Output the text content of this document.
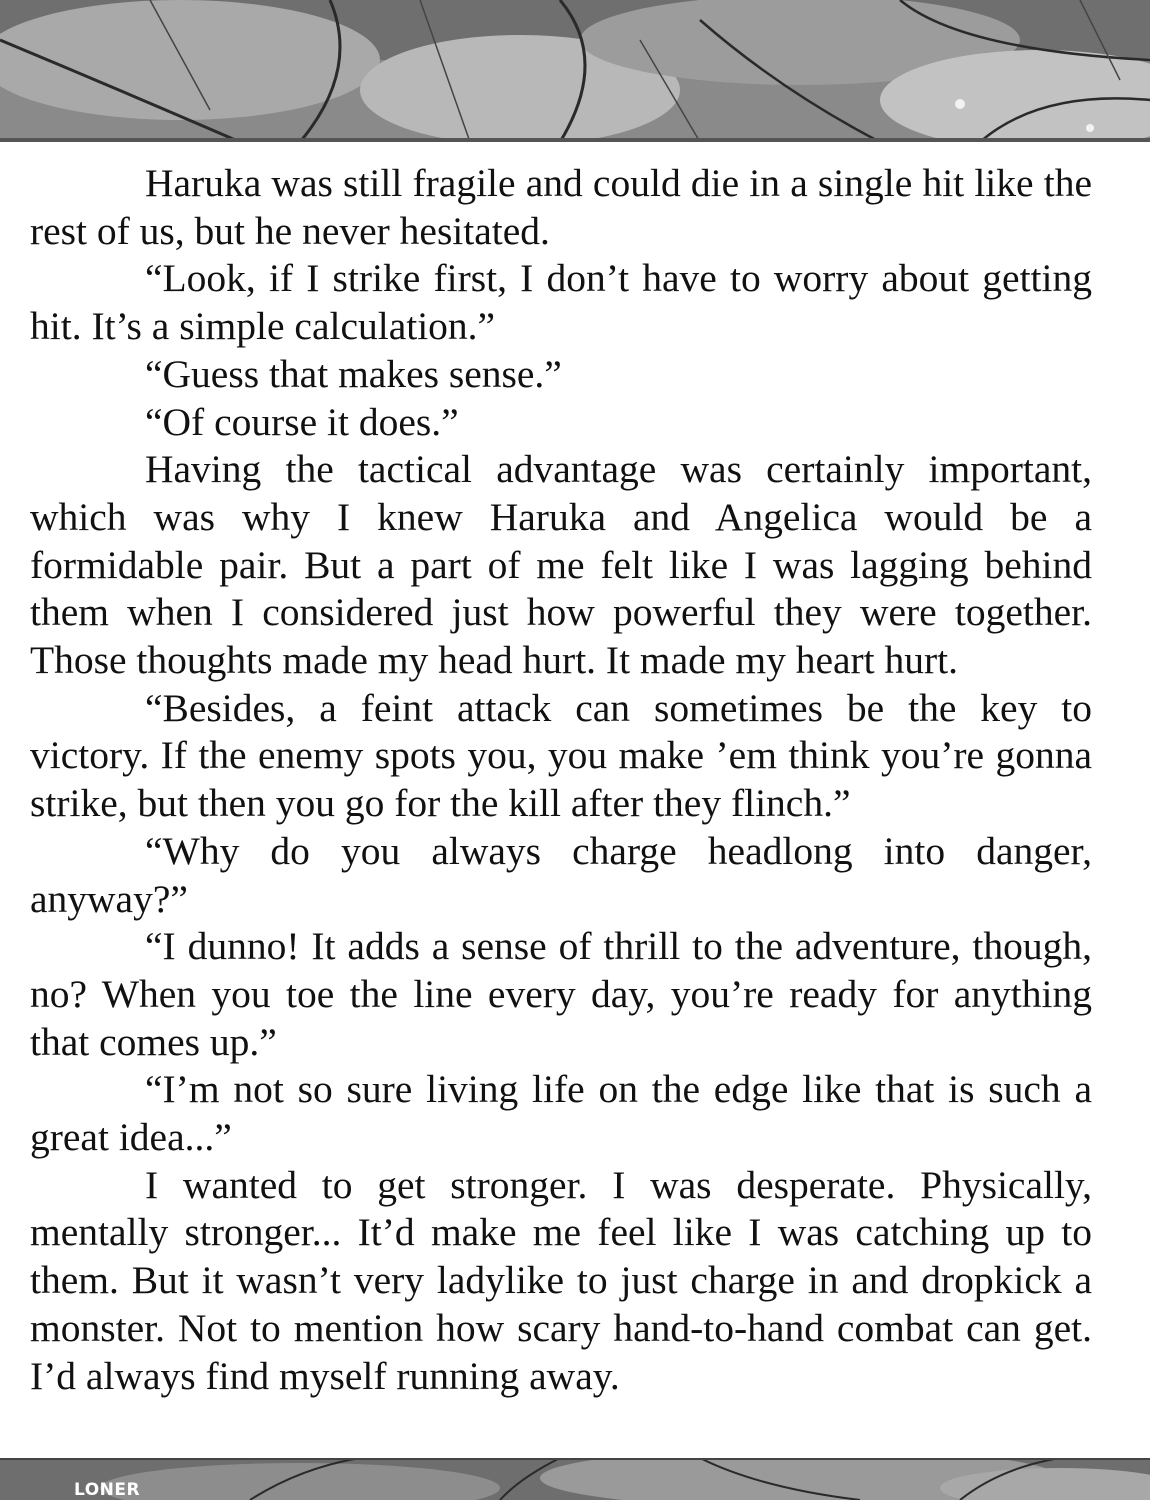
Haruka was still fragile and could die in a single hit like the rest of us, but he never hesitated.

“Look, if I strike first, I don’t have to worry about getting hit. It’s a simple calculation.”

“Guess that makes sense.”

“Of course it does.”

Having the tactical advantage was certainly important, which was why I knew Haruka and Angelica would be a formidable pair. But a part of me felt like I was lagging behind them when I considered just how powerful they were together. Those thoughts made my head hurt. It made my heart hurt.

“Besides, a feint attack can sometimes be the key to victory. If the enemy spots you, you make ’em think you’re gonna strike, but then you go for the kill after they flinch.”

“Why do you always charge headlong into danger, anyway?”

“I dunno! It adds a sense of thrill to the adventure, though, no? When you toe the line every day, you’re ready for anything that comes up.”

“I’m not so sure living life on the edge like that is such a great idea...”

I wanted to get stronger. I was desperate. Physically, mentally stronger... It’d make me feel like I was catching up to them. But it wasn’t very ladylike to just charge in and dropkick a monster. Not to mention how scary hand-to-hand combat can get. I’d always find myself running away.

LONER
